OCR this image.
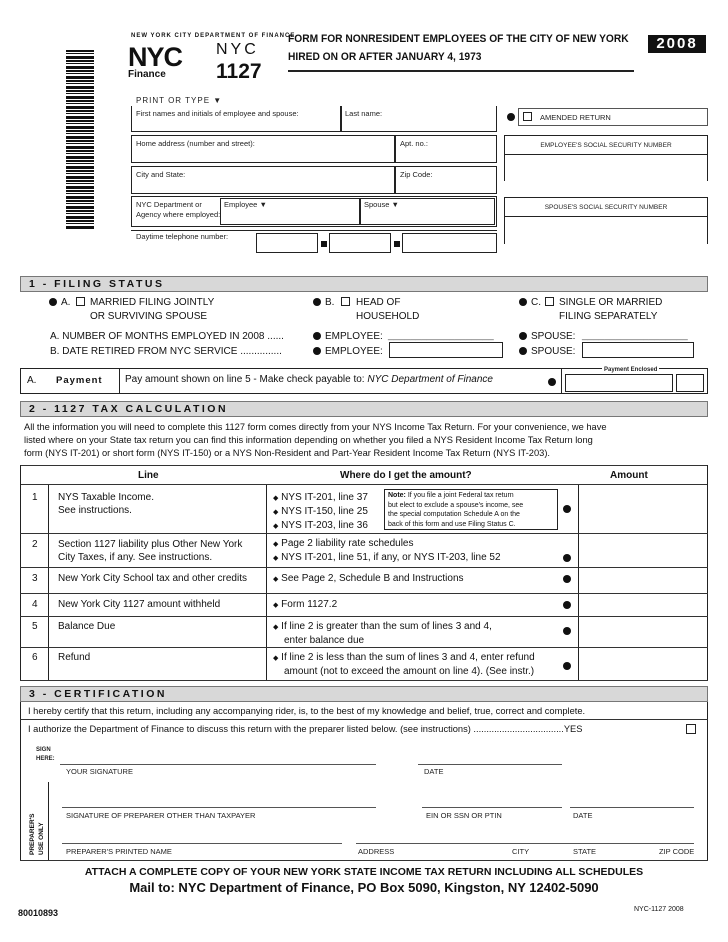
NEW YORK CITY DEPARTMENT OF FINANCE
NYC
Finance
NYC
1127
FORM FOR NONRESIDENT EMPLOYEES OF THE CITY OF NEW YORK
HIRED ON OR AFTER JANUARY 4, 1973
2008
PRINT OR TYPE ▼
First names and initials of employee and spouse:	Last name:
Home address (number and street):	Apt. no.:
City and State:	Zip Code:
NYC Department or
Agency where employed:
Employee ▼	Spouse ▼
Daytime telephone number:
AMENDED RETURN
EMPLOYEE'S SOCIAL SECURITY NUMBER
SPOUSE'S SOCIAL SECURITY NUMBER
1 - FILING STATUS
A. MARRIED FILING JOINTLY
OR SURVIVING SPOUSE
B. HEAD OF
HOUSEHOLD
C. SINGLE OR MARRIED
FILING SEPARATELY
A. NUMBER OF MONTHS EMPLOYED IN 2008 ......	EMPLOYEE: ___________________	SPOUSE: ___________________
B. DATE RETIRED FROM NYC SERVICE ...............	EMPLOYEE:	SPOUSE:
A. Payment Pay amount shown on line 5 - Make check payable to: NYC Department of Finance
Payment Enclosed
2 - 1127 TAX CALCULATION
All the information you will need to complete this 1127 form comes directly from your NYS Income Tax Return. For your convenience, we have
listed where on your State tax return you can find this information depending on whether you filed a NYS Resident Income Tax Return long
form (NYS IT-201) or short form (NYS IT-150) or a NYS Non-Resident and Part-Year Resident Income Tax Return (NYS IT-203).
Line	Where do I get the amount?	Amount
1 NYS Taxable Income.
See instructions.
◆ NYS IT-201, line 37
◆ NYS IT-150, line 25
◆ NYS IT-203, line 36
Note: If you file a joint Federal tax return
but elect to exclude a spouse's income, see
the special computation Schedule A on the
back of this form and use Filing Status C.
2 Section 1127 liability plus Other New York
City Taxes, if any. See instructions.
◆ Page 2 liability rate schedules
◆ NYS IT-201, line 51, if any, or NYS IT-203, line 52
3 New York City School tax and other credits	◆ See Page 2, Schedule B and Instructions
4 New York City 1127 amount withheld	◆ Form 1127.2
5 Balance Due	◆ If line 2 is greater than the sum of lines 3 and 4,
enter balance due
6 Refund	◆ If line 2 is less than the sum of lines 3 and 4, enter refund
amount (not to exceed the amount on line 4). (See instr.)
3 - CERTIFICATION
I hereby certify that this return, including any accompanying rider, is, to the best of my knowledge and belief, true, correct and complete.
I authorize the Department of Finance to discuss this return with the preparer listed below. (see instructions) ...................................YES
SIGN
HERE:
YOUR SIGNATURE	DATE
PREPARER'S USE ONLY
SIGNATURE OF PREPARER OTHER THAN TAXPAYER	EIN OR SSN OR PTIN	DATE
PREPARER'S PRINTED NAME	ADDRESS	CITY	STATE	ZIP CODE
ATTACH A COMPLETE COPY OF YOUR NEW YORK STATE INCOME TAX RETURN INCLUDING ALL SCHEDULES
Mail to: NYC Department of Finance, PO Box 5090, Kingston, NY 12402-5090
80010893	NYC-1127 2008
